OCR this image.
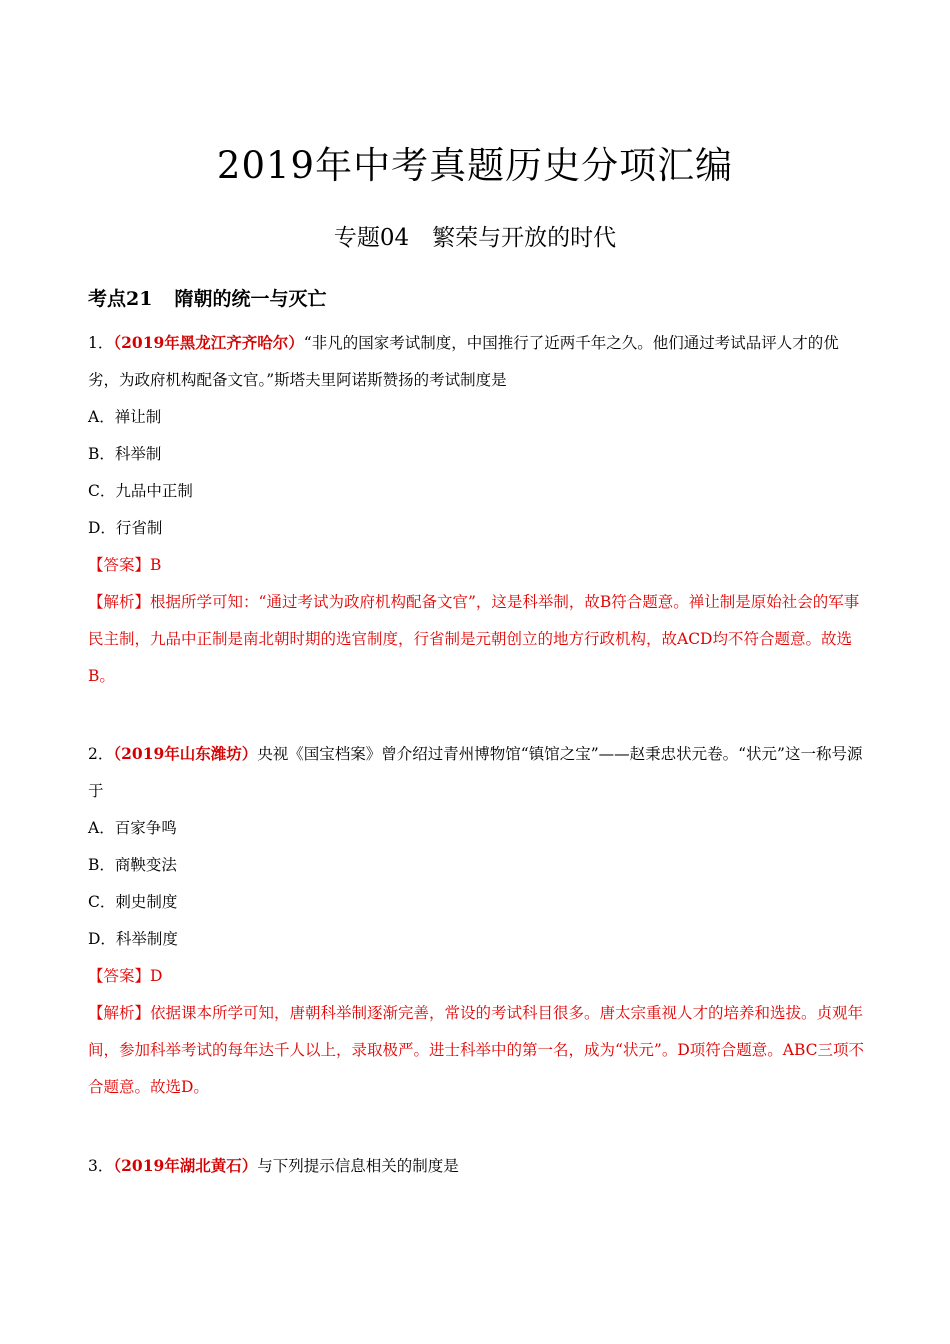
2019年中考真题历史分项汇编
专题04　繁荣与开放的时代
考点21 隋朝的统一与灭亡
1．（2019年黑龙江齐齐哈尔）“非凡的国家考试制度，中国推行了近两千年之久。他们通过考试品评人才的优劣，为政府机构配备文官。”斯塔夫里阿诺斯赞扬的考试制度是
A．禅让制
B．科举制
C．九品中正制
D．行省制
【答案】B
【解析】根据所学可知：“通过考试为政府机构配备文官”，这是科举制，故B符合题意。禅让制是原始社会的军事民主制，九品中正制是南北朝时期的选官制度，行省制是元朝创立的地方行政机构，故ACD均不符合题意。故选B。
2．（2019年山东潍坊）央视《国宝档案》曾介绍过青州博物馆“镇馆之宝”——赵秉忠状元卷。“状元”这一称号源于
A．百家争鸣
B．商鞅变法
C．刺史制度
D．科举制度
【答案】D
【解析】依据课本所学可知，唐朝科举制逐渐完善，常设的考试科目很多。唐太宗重视人才的培养和选拔。贞观年间，参加科举考试的每年达千人以上，录取极严。进士科举中的第一名，成为“状元”。D项符合题意。ABC三项不合题意。故选D。
3．（2019年湖北黄石）与下列提示信息相关的制度是
